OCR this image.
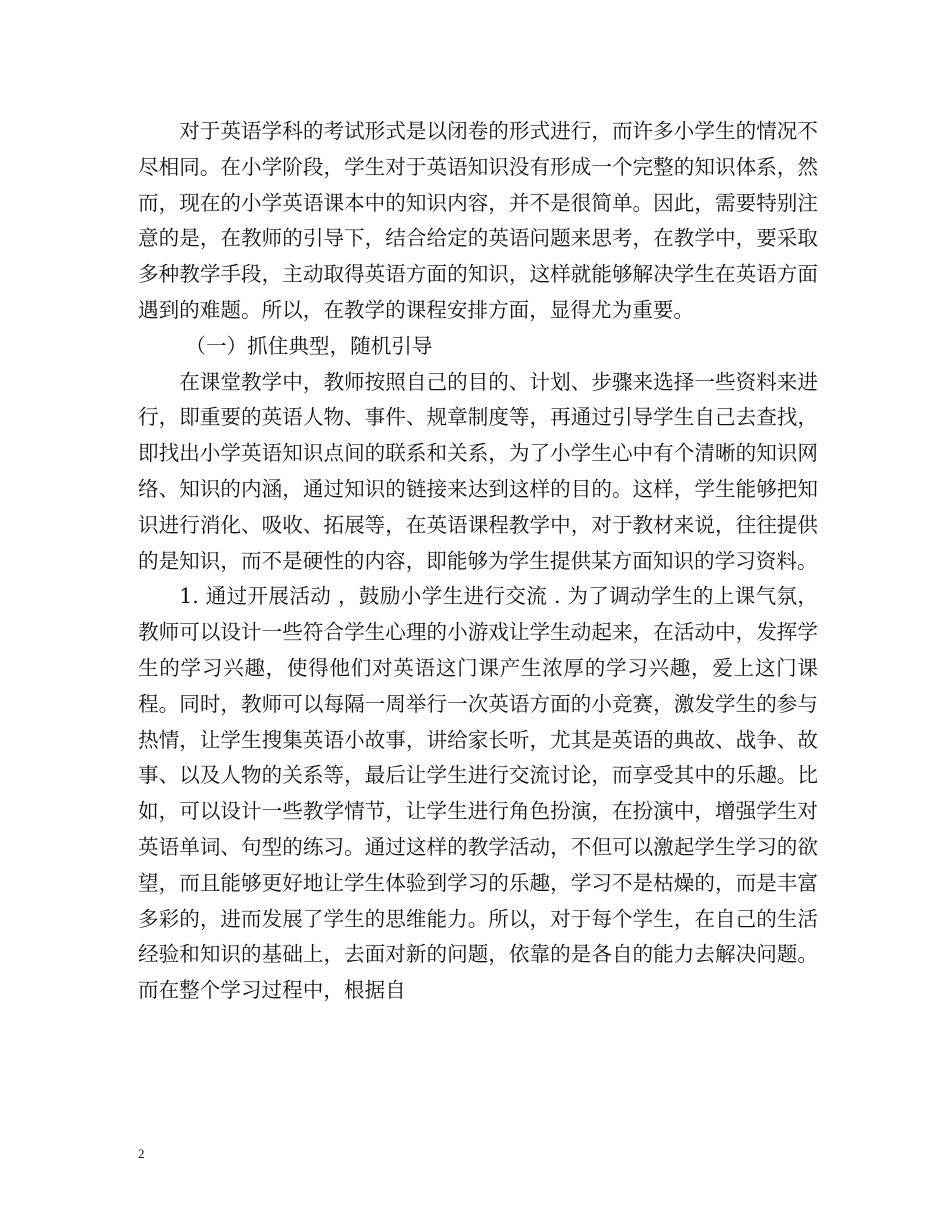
对于英语学科的考试形式是以闭卷的形式进行，而许多小学生的情况不尽相同。在小学阶段，学生对于英语知识没有形成一个完整的知识体系，然而，现在的小学英语课本中的知识内容，并不是很简单。因此，需要特别注意的是，在教师的引导下，结合给定的英语问题来思考，在教学中，要采取多种教学手段，主动取得英语方面的知识，这样就能够解决学生在英语方面遇到的难题。所以，在教学的课程安排方面，显得尤为重要。

（一）抓住典型，随机引导

在课堂教学中，教师按照自己的目的、计划、步骤来选择一些资料来进行，即重要的英语人物、事件、规章制度等，再通过引导学生自己去查找，即找出小学英语知识点间的联系和关系，为了小学生心中有个清晰的知识网络、知识的内涵，通过知识的链接来达到这样的目的。这样，学生能够把知识进行消化、吸收、拓展等，在英语课程教学中，对于教材来说，往往提供的是知识，而不是硬性的内容，即能够为学生提供某方面知识的学习资料。

1. 通过开展活动 ，鼓励小学生进行交流 . 为了调动学生的上课气氛，教师可以设计一些符合学生心理的小游戏让学生动起来，在活动中，发挥学生的学习兴趣，使得他们对英语这门课产生浓厚的学习兴趣，爱上这门课程。同时，教师可以每隔一周举行一次英语方面的小竞赛，激发学生的参与热情，让学生搜集英语小故事，讲给家长听，尤其是英语的典故、战争、故事、以及人物的关系等，最后让学生进行交流讨论，而享受其中的乐趣。比如，可以设计一些教学情节，让学生进行角色扮演，在扮演中，增强学生对英语单词、句型的练习。通过这样的教学活动，不但可以激起学生学习的欲望，而且能够更好地让学生体验到学习的乐趣，学习不是枯燥的，而是丰富多彩的，进而发展了学生的思维能力。所以，对于每个学生，在自己的生活经验和知识的基础上，去面对新的问题，依靠的是各自的能力去解决问题。而在整个学习过程中，根据自

2
